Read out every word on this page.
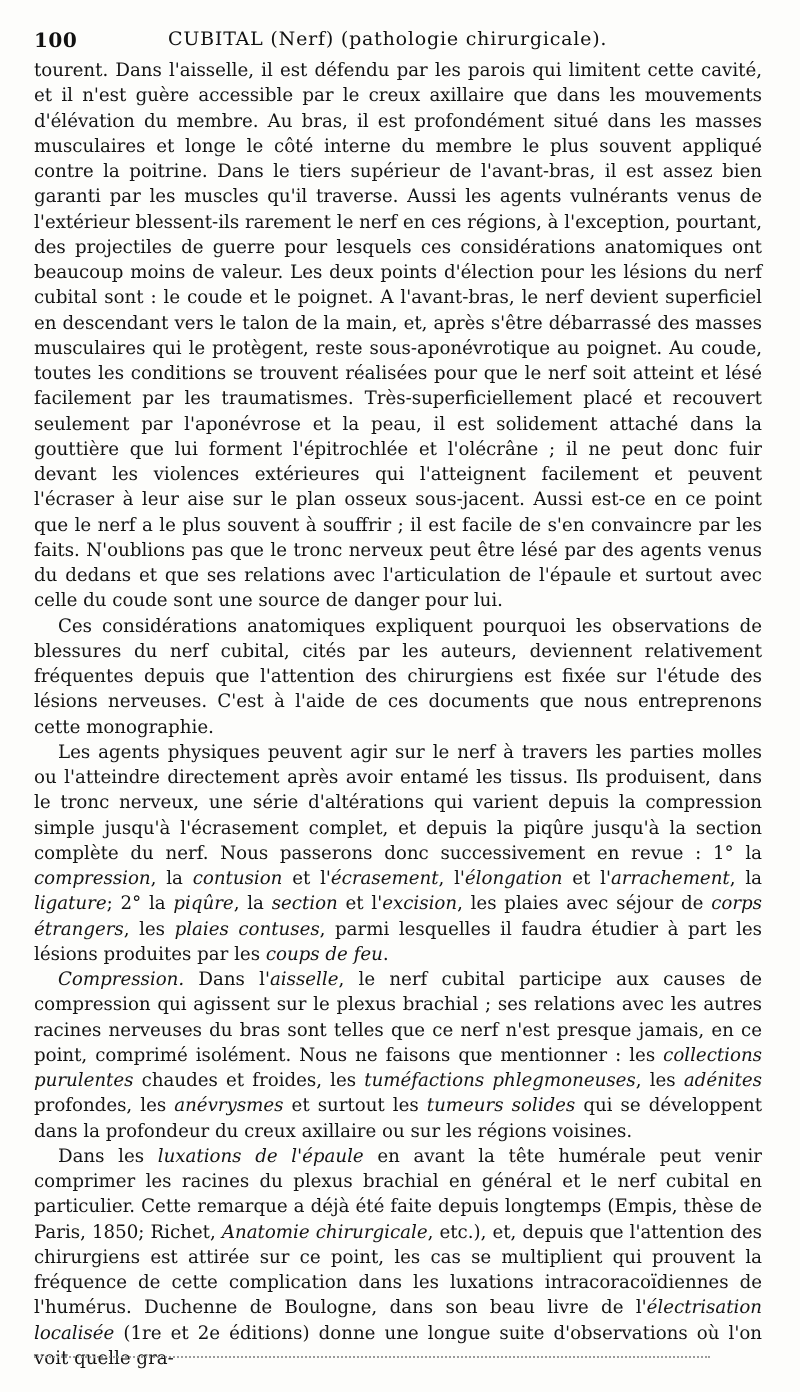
100	CUBITAL (Nerf) (pathologie chirurgicale).

tourent. Dans l'aisselle, il est défendu par les parois qui limitent cette cavité, et il n'est guère accessible par le creux axillaire que dans les mouvements d'élévation du membre. Au bras, il est profondément situé dans les masses musculaires et longe le côté interne du membre le plus souvent appliqué contre la poitrine. Dans le tiers supérieur de l'avant-bras, il est assez bien garanti par les muscles qu'il traverse. Aussi les agents vulnérants venus de l'extérieur blessent-ils rarement le nerf en ces régions, à l'exception, pourtant, des projectiles de guerre pour lesquels ces considérations anatomiques ont beaucoup moins de valeur. Les deux points d'élection pour les lésions du nerf cubital sont : le coude et le poignet. A l'avant-bras, le nerf devient superficiel en descendant vers le talon de la main, et, après s'être débarrassé des masses musculaires qui le protègent, reste sous-aponévrotique au poignet. Au coude, toutes les conditions se trouvent réalisées pour que le nerf soit atteint et lésé facilement par les traumatismes. Très-superficiellement placé et recouvert seulement par l'aponévrose et la peau, il est solidement attaché dans la gouttière que lui forment l'épitrochlée et l'olécrâne ; il ne peut donc fuir devant les violences extérieures qui l'atteignent facilement et peuvent l'écraser à leur aise sur le plan osseux sous-jacent. Aussi est-ce en ce point que le nerf a le plus souvent à souffrir ; il est facile de s'en convaincre par les faits. N'oublions pas que le tronc nerveux peut être lésé par des agents venus du dedans et que ses relations avec l'articulation de l'épaule et surtout avec celle du coude sont une source de danger pour lui.

Ces considérations anatomiques expliquent pourquoi les observations de blessures du nerf cubital, cités par les auteurs, deviennent relativement fréquentes depuis que l'attention des chirurgiens est fixée sur l'étude des lésions nerveuses. C'est à l'aide de ces documents que nous entreprenons cette monographie.

Les agents physiques peuvent agir sur le nerf à travers les parties molles ou l'atteindre directement après avoir entamé les tissus. Ils produisent, dans le tronc nerveux, une série d'altérations qui varient depuis la compression simple jusqu'à l'écrasement complet, et depuis la piqûre jusqu'à la section complète du nerf. Nous passerons donc successivement en revue : 1° la compression, la contusion et l'écrasement, l'élongation et l'arrachement, la ligature; 2° la piqûre, la section et l'excision, les plaies avec séjour de corps étrangers, les plaies contuses, parmi lesquelles il faudra étudier à part les lésions produites par les coups de feu.

Compression. Dans l'aisselle, le nerf cubital participe aux causes de compression qui agissent sur le plexus brachial ; ses relations avec les autres racines nerveuses du bras sont telles que ce nerf n'est presque jamais, en ce point, comprimé isolément. Nous ne faisons que mentionner : les collections purulentes chaudes et froides, les tuméfactions phlegmoneuses, les adénites profondes, les anévrysmes et surtout les tumeurs solides qui se développent dans la profondeur du creux axillaire ou sur les régions voisines.

Dans les luxations de l'épaule en avant la tête humérale peut venir comprimer les racines du plexus brachial en général et le nerf cubital en particulier. Cette remarque a déjà été faite depuis longtemps (Empis, thèse de Paris, 1850; Richet, Anatomie chirurgicale, etc.), et, depuis que l'attention des chirurgiens est attirée sur ce point, les cas se multiplient qui prouvent la fréquence de cette complication dans les luxations intracoracoïdiennes de l'humérus. Duchenne de Boulogne, dans son beau livre de l'électrisation localisée (1re et 2e éditions) donne une longue suite d'observations où l'on voit quelle gra-
